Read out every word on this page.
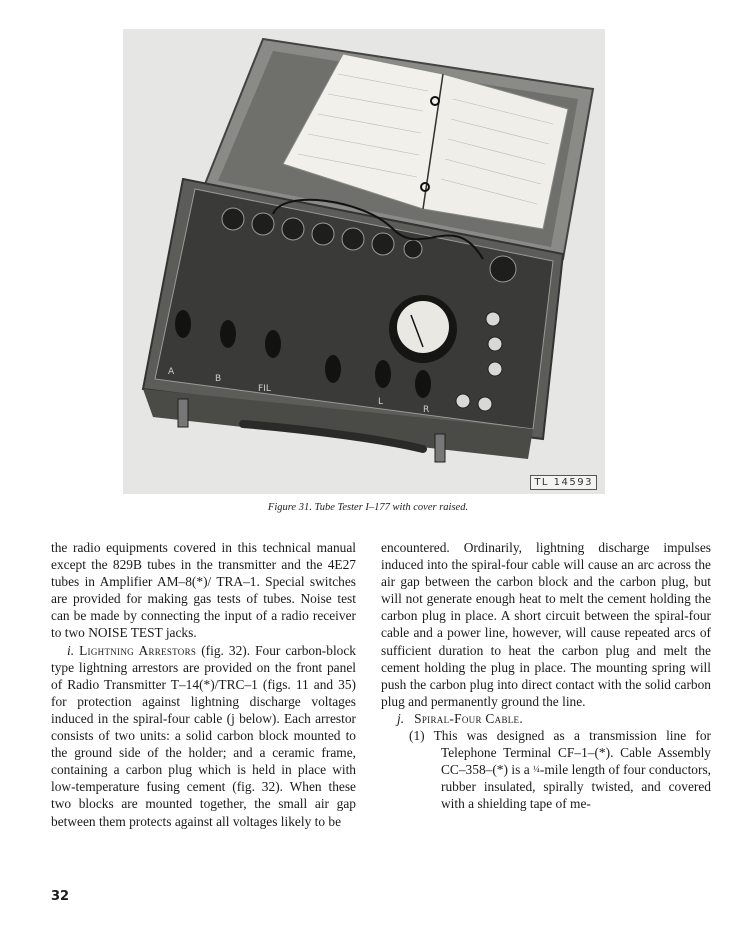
A
B
FIL
L
R
TL 14593
Figure 31. Tube Tester I–177 with cover raised.

the radio equipments covered in this technical manual except the 829B tubes in the transmitter and the 4E27 tubes in Amplifier AM–8(*)/ TRA–1. Special switches are provided for making gas tests of tubes. Noise test can be made by connecting the input of a radio receiver to two NOISE TEST jacks.

i. Lightning Arrestors (fig. 32). Four carbon-block type lightning arrestors are provided on the front panel of Radio Transmitter T–14(*)/TRC–1 (figs. 11 and 35) for protection against lightning discharge voltages induced in the spiral-four cable (j below). Each arrestor consists of two units: a solid carbon block mounted to the ground side of the holder; and a ceramic frame, containing a carbon plug which is held in place with low-temperature fusing cement (fig. 32). When these two blocks are mounted together, the small air gap between them protects against all voltages likely to be

encountered. Ordinarily, lightning discharge impulses induced into the spiral-four cable will cause an arc across the air gap between the carbon block and the carbon plug, but will not generate enough heat to melt the cement holding the carbon plug in place. A short circuit between the spiral-four cable and a power line, however, will cause repeated arcs of sufficient duration to heat the carbon plug and melt the cement holding the plug in place. The mounting spring will push the carbon plug into direct contact with the solid carbon plug and permanently ground the line.

j. Spiral-Four Cable.

(1) This was designed as a transmission line for Telephone Terminal CF–1–(*). Cable Assembly CC–358–(*) is a ¼-mile length of four conductors, rubber insulated, spirally twisted, and covered with a shielding tape of me-

32
